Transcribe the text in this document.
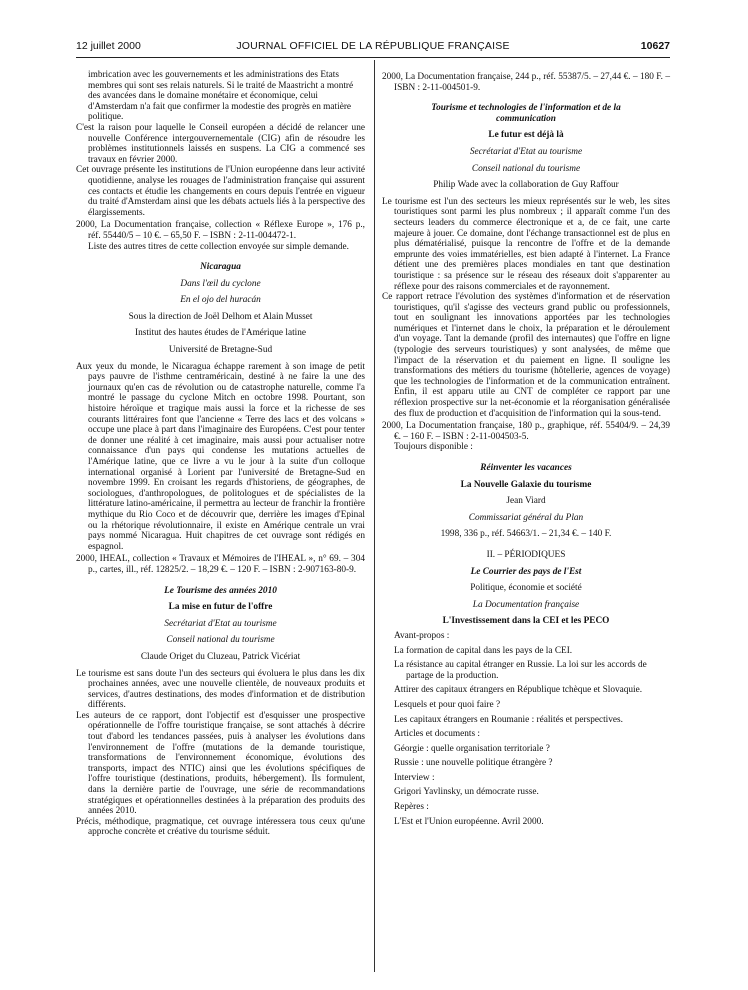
12 juillet 2000	JOURNAL OFFICIEL DE LA RÉPUBLIQUE FRANÇAISE	10627

imbrication avec les gouvernements et les administrations des Etats membres qui sont ses relais naturels. Si le traité de Maastricht a montré des avancées dans le domaine monétaire et économique, celui d'Amsterdam n'a fait que confirmer la modestie des progrès en matière politique.

C'est la raison pour laquelle le Conseil européen a décidé de relancer une nouvelle Conférence intergouvernementale (CIG) afin de résoudre les problèmes institutionnels laissés en suspens. La CIG a commencé ses travaux en février 2000.

Cet ouvrage présente les institutions de l'Union européenne dans leur activité quotidienne, analyse les rouages de l'administration française qui assurent ces contacts et étudie les changements en cours depuis l'entrée en vigueur du traité d'Amsterdam ainsi que les débats actuels liés à la perspective des élargissements.

2000, La Documentation française, collection « Réflexe Europe », 176 p., réf. 55440/5 – 10 €. – 65,50 F. – ISBN : 2-11-004472-1.

Liste des autres titres de cette collection envoyée sur simple demande.

Nicaragua

Dans l'œil du cyclone

En el ojo del huracán

Sous la direction de Joël Delhom et Alain Musset

Institut des hautes études de l'Amérique latine

Université de Bretagne-Sud

Aux yeux du monde, le Nicaragua échappe rarement à son image de petit pays pauvre de l'isthme centraméricain, destiné à ne faire la une des journaux qu'en cas de révolution ou de catastrophe naturelle, comme l'a montré le passage du cyclone Mitch en octobre 1998. Pourtant, son histoire héroïque et tragique mais aussi la force et la richesse de ses courants littéraires font que l'ancienne « Terre des lacs et des volcans » occupe une place à part dans l'imaginaire des Européens. C'est pour tenter de donner une réalité à cet imaginaire, mais aussi pour actualiser notre connaissance d'un pays qui condense les mutations actuelles de l'Amérique latine, que ce livre a vu le jour à la suite d'un colloque international organisé à Lorient par l'université de Bretagne-Sud en novembre 1999. En croisant les regards d'historiens, de géographes, de sociologues, d'anthropologues, de politologues et de spécialistes de la littérature latino-américaine, il permettra au lecteur de franchir la frontière mythique du Rio Coco et de découvrir que, derrière les images d'Epinal ou la rhétorique révolutionnaire, il existe en Amérique centrale un vrai pays nommé Nicaragua. Huit chapitres de cet ouvrage sont rédigés en espagnol.

2000, IHEAL, collection « Travaux et Mémoires de l'IHEAL », n° 69. – 304 p., cartes, ill., réf. 12825/2. – 18,29 €. – 120 F. – ISBN : 2-907163-80-9.

Le Tourisme des années 2010

La mise en futur de l'offre

Secrétariat d'Etat au tourisme

Conseil national du tourisme

Claude Origet du Cluzeau, Patrick Vicériat

Le tourisme est sans doute l'un des secteurs qui évoluera le plus dans les dix prochaines années, avec une nouvelle clientèle, de nouveaux produits et services, d'autres destinations, des modes d'information et de distribution différents.

Les auteurs de ce rapport, dont l'objectif est d'esquisser une prospective opérationnelle de l'offre touristique française, se sont attachés à décrire tout d'abord les tendances passées, puis à analyser les évolutions dans l'environnement de l'offre (mutations de la demande touristique, transformations de l'environnement économique, évolutions des transports, impact des NTIC) ainsi que les évolutions spécifiques de l'offre touristique (destinations, produits, hébergement). Ils formulent, dans la dernière partie de l'ouvrage, une série de recommandations stratégiques et opérationnelles destinées à la préparation des produits des années 2010.

Précis, méthodique, pragmatique, cet ouvrage intéressera tous ceux qu'une approche concrète et créative du tourisme séduit.

2000, La Documentation française, 244 p., réf. 55387/5. – 27,44 €. – 180 F. – ISBN : 2-11-004501-9.

Tourisme et technologies de l'information et de la communication

Le futur est déjà là

Secrétariat d'Etat au tourisme

Conseil national du tourisme

Philip Wade avec la collaboration de Guy Raffour

Le tourisme est l'un des secteurs les mieux représentés sur le web, les sites touristiques sont parmi les plus nombreux ; il apparaît comme l'un des secteurs leaders du commerce électronique et a, de ce fait, une carte majeure à jouer. Ce domaine, dont l'échange transactionnel est de plus en plus dématérialisé, puisque la rencontre de l'offre et de la demande emprunte des voies immatérielles, est bien adapté à l'internet. La France détient une des premières places mondiales en tant que destination touristique : sa présence sur le réseau des réseaux doit s'apparenter au réflexe pour des raisons commerciales et de rayonnement.

Ce rapport retrace l'évolution des systèmes d'information et de réservation touristiques, qu'il s'agisse des vecteurs grand public ou professionnels, tout en soulignant les innovations apportées par les technologies numériques et l'internet dans le choix, la préparation et le déroulement d'un voyage. Tant la demande (profil des internautes) que l'offre en ligne (typologie des serveurs touristiques) y sont analysées, de même que l'impact de la réservation et du paiement en ligne. Il souligne les transformations des métiers du tourisme (hôtellerie, agences de voyage) que les technologies de l'information et de la communication entraînent. Enfin, il est apparu utile au CNT de compléter ce rapport par une réflexion prospective sur la net-économie et la réorganisation généralisée des flux de production et d'acquisition de l'information qui la sous-tend.

2000, La Documentation française, 180 p., graphique, réf. 55404/9. – 24,39 €. – 160 F. – ISBN : 2-11-004503-5.

Toujours disponible :

Réinventer les vacances

La Nouvelle Galaxie du tourisme

Jean Viard

Commissariat général du Plan

1998, 336 p., réf. 54663/1. – 21,34 €. – 140 F.

II. – PÉRIODIQUES

Le Courrier des pays de l'Est

Politique, économie et société

La Documentation française

L'Investissement dans la CEI et les PECO

Avant-propos :

La formation de capital dans les pays de la CEI.

La résistance au capital étranger en Russie. La loi sur les accords de partage de la production.

Attirer des capitaux étrangers en République tchèque et Slovaquie.

Lesquels et pour quoi faire ?

Les capitaux étrangers en Roumanie : réalités et perspectives.

Articles et documents :

Géorgie : quelle organisation territoriale ?

Russie : une nouvelle politique étrangère ?

Interview :

Grigori Yavlinsky, un démocrate russe.

Repères :

L'Est et l'Union européenne. Avril 2000.
